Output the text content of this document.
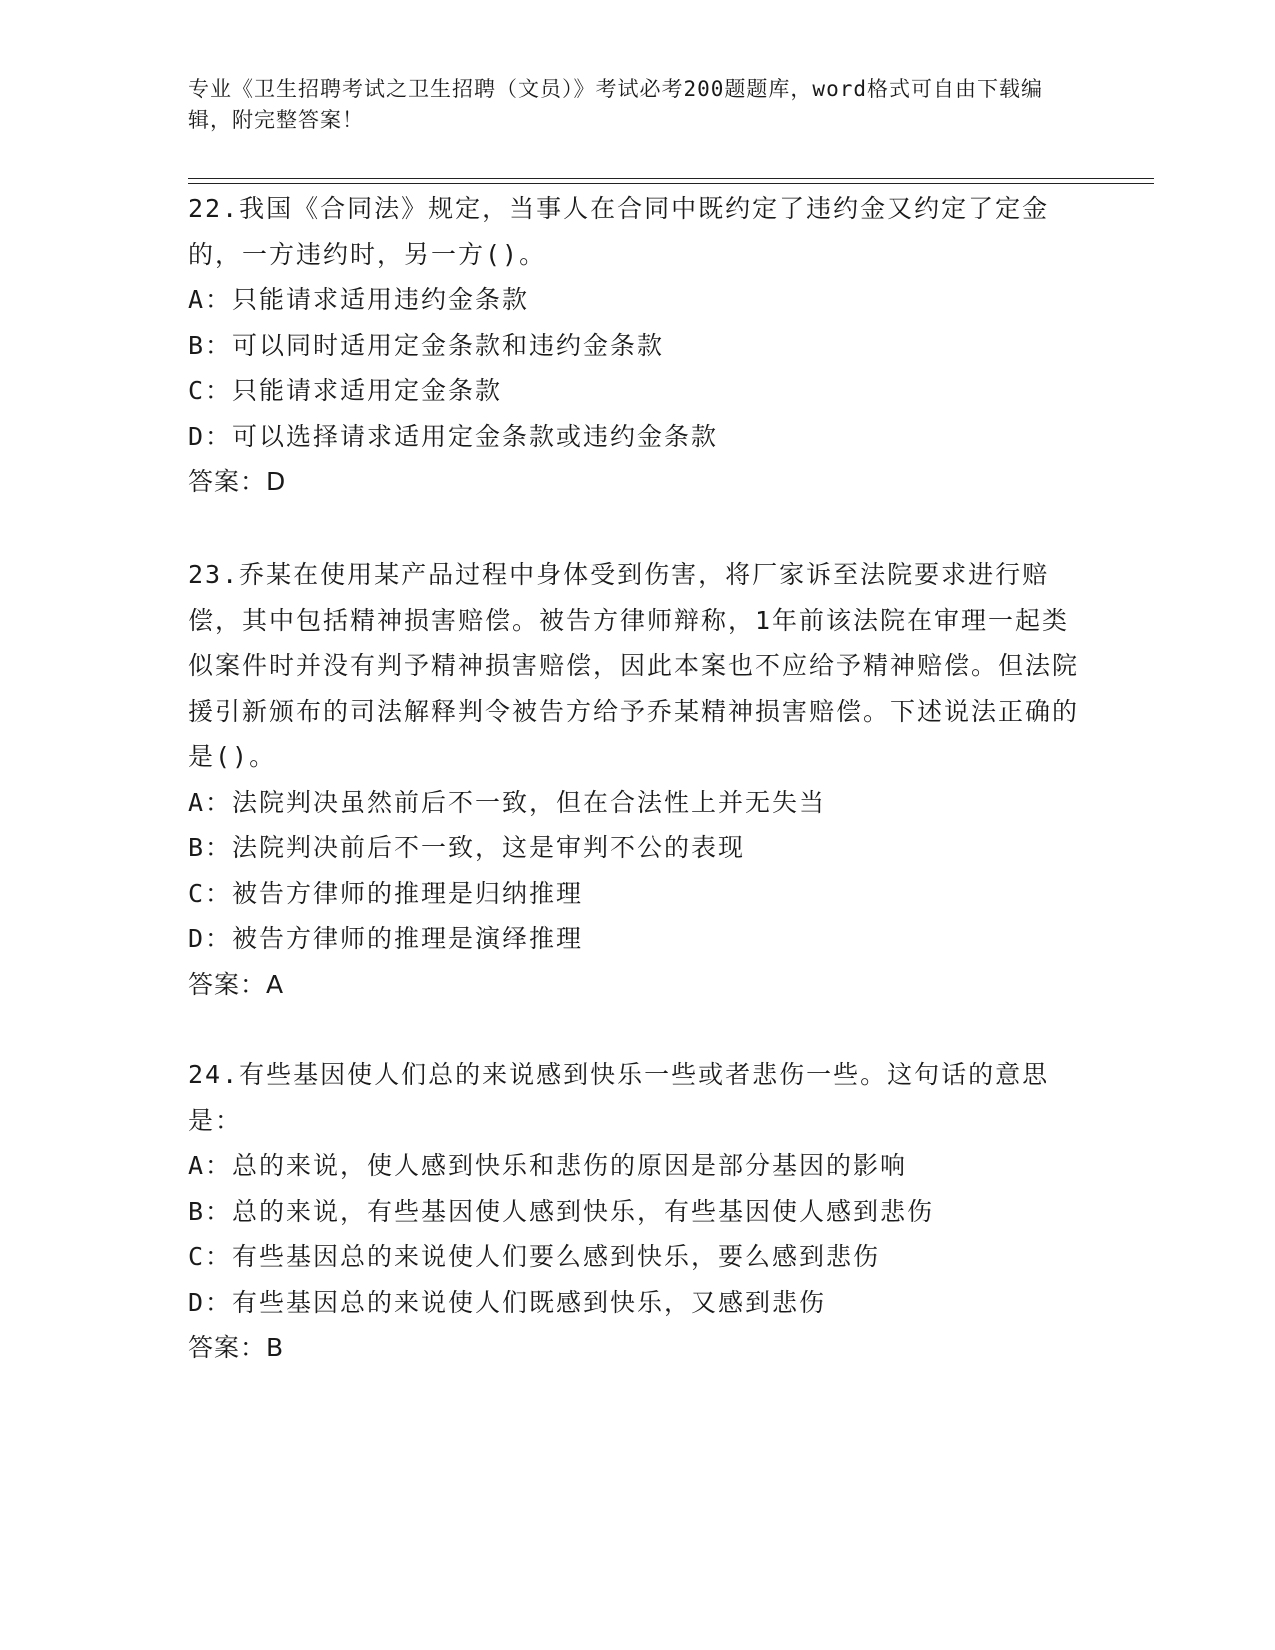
专业《卫生招聘考试之卫生招聘（文员）》考试必考200题题库，word格式可自由下载编辑，附完整答案！

22.我国《合同法》规定，当事人在合同中既约定了违约金又约定了定金的，一方违约时，另一方()。

A：只能请求适用违约金条款
B：可以同时适用定金条款和违约金条款
C：只能请求适用定金条款
D：可以选择请求适用定金条款或违约金条款
答案：D

23.乔某在使用某产品过程中身体受到伤害，将厂家诉至法院要求进行赔偿，其中包括精神损害赔偿。被告方律师辩称，1年前该法院在审理一起类似案件时并没有判予精神损害赔偿，因此本案也不应给予精神赔偿。但法院援引新颁布的司法解释判令被告方给予乔某精神损害赔偿。下述说法正确的是()。

A：法院判决虽然前后不一致，但在合法性上并无失当
B：法院判决前后不一致，这是审判不公的表现
C：被告方律师的推理是归纳推理
D：被告方律师的推理是演绎推理
答案：A

24.有些基因使人们总的来说感到快乐一些或者悲伤一些。这句话的意思是：

A：总的来说，使人感到快乐和悲伤的原因是部分基因的影响
B：总的来说，有些基因使人感到快乐，有些基因使人感到悲伤
C：有些基因总的来说使人们要么感到快乐，要么感到悲伤
D：有些基因总的来说使人们既感到快乐，又感到悲伤
答案：B
